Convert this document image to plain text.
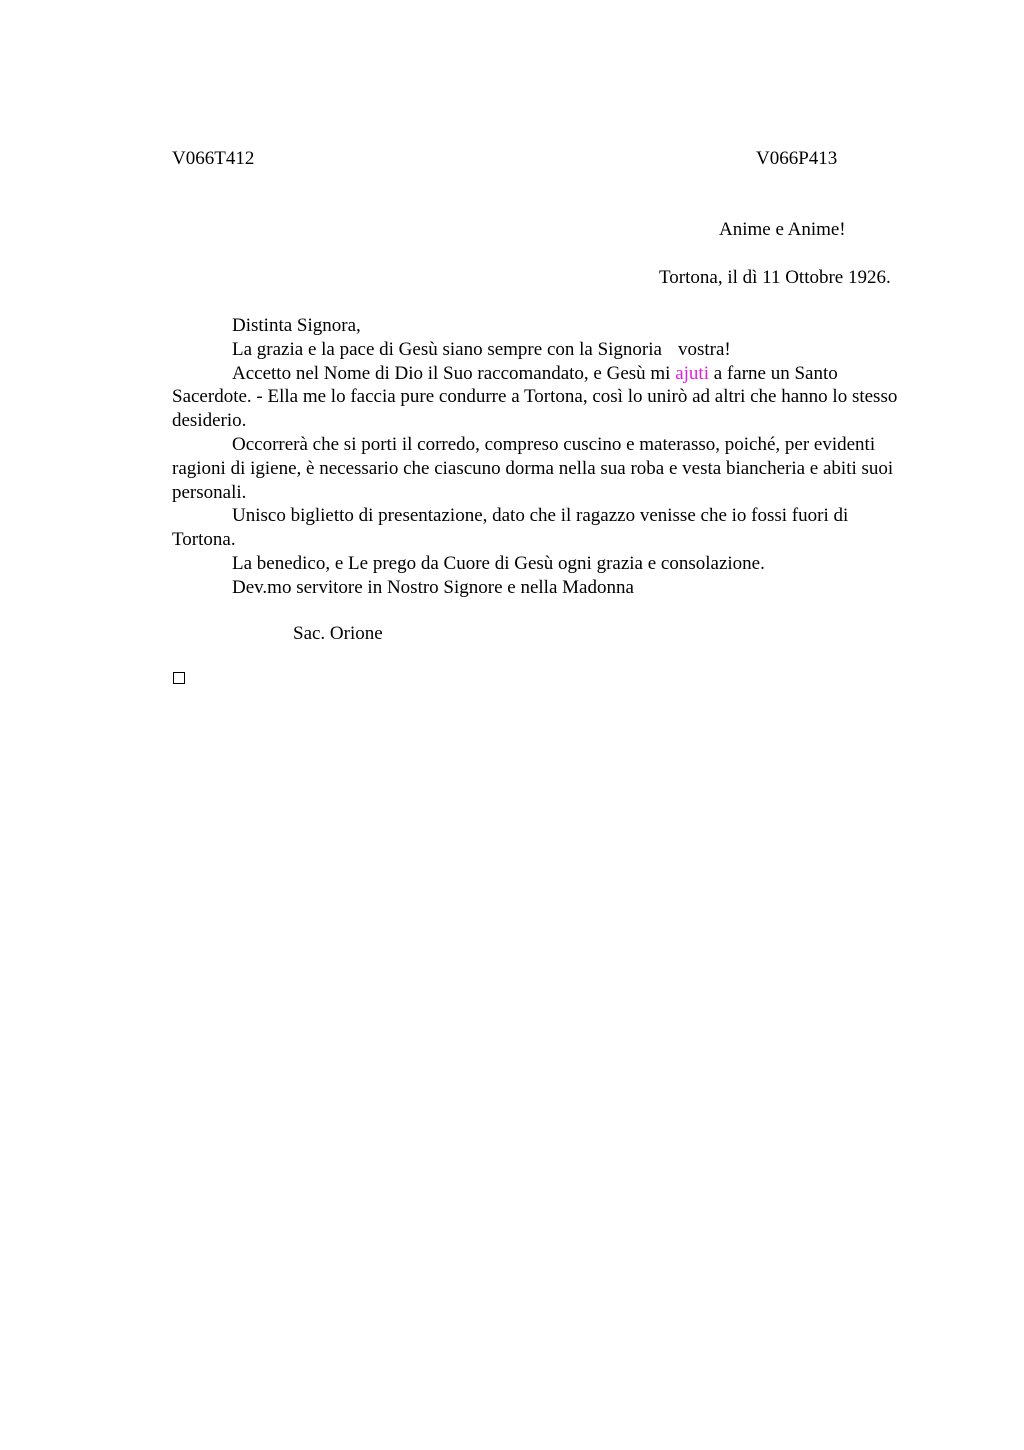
V066T412	V066P413
Anime e Anime!
Tortona, il dì 11 Ottobre 1926.

Distinta Signora,

La grazia e la pace di Gesù siano sempre con la Signoria vostra!

Accetto nel Nome di Dio il Suo raccomandato, e Gesù mi ajuti a farne un Santo Sacerdote. - Ella me lo faccia pure condurre a Tortona, così lo unirò ad altri che hanno lo stesso desiderio.

Occorrerà che si porti il corredo, compreso cuscino e materasso, poiché, per evidenti ragioni di igiene, è necessario che ciascuno dorma nella sua roba e vesta biancheria e abiti suoi personali.

Unisco biglietto di presentazione, dato che il ragazzo venisse che io fossi fuori di Tortona.

La benedico, e Le prego da Cuore di Gesù ogni grazia e consolazione.

Dev.mo servitore in Nostro Signore e nella Madonna

Sac. Orione
